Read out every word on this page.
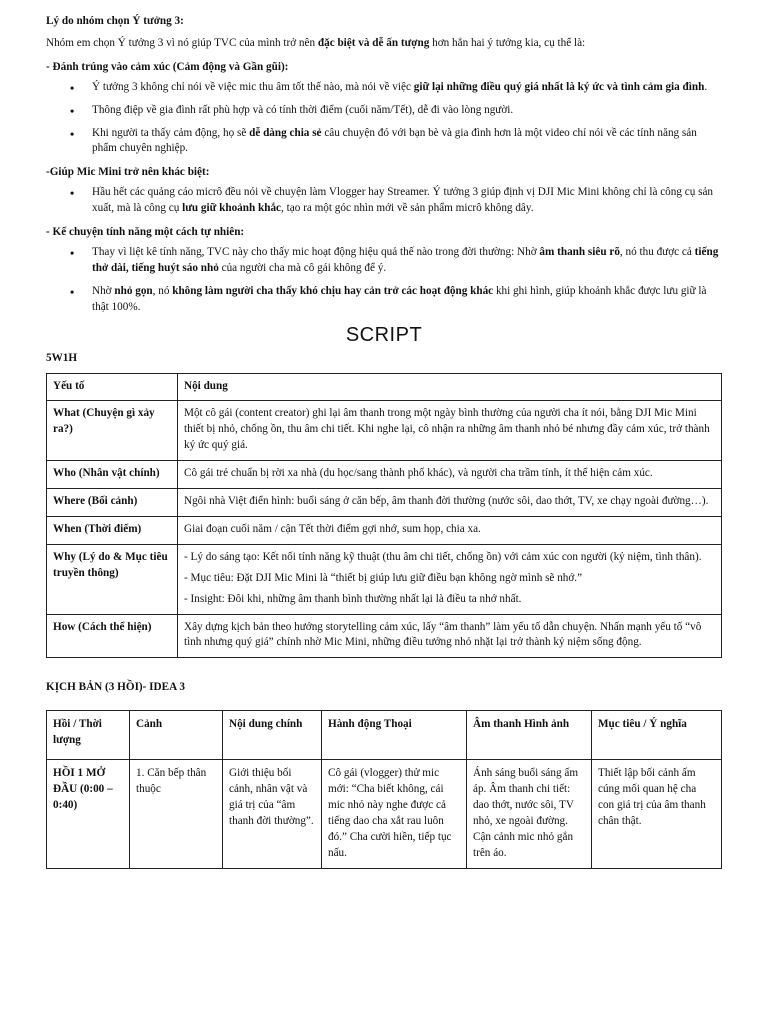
Lý do nhóm chọn Ý tưởng 3:

Nhóm em chọn Ý tưởng 3 vì nó giúp TVC của mình trở nên đặc biệt và dễ ấn tượng hơn hẳn hai ý tưởng kia, cụ thể là:

- Đánh trúng vào cảm xúc (Cảm động và Gần gũi):

• Ý tưởng 3 không chỉ nói về việc mic thu âm tốt thế nào, mà nói về việc giữ lại những điều quý giá nhất là ký ức và tình cảm gia đình.
• Thông điệp về gia đình rất phù hợp và có tính thời điểm (cuối năm/Tết), dễ đi vào lòng người.
• Khi người ta thấy cảm động, họ sẽ dễ dàng chia sẻ câu chuyện đó với bạn bè và gia đình hơn là một video chỉ nói về các tính năng sản phẩm chuyên nghiệp.

-Giúp Mic Mini trở nên khác biệt:

• Hầu hết các quảng cáo micrô đều nói về chuyện làm Vlogger hay Streamer. Ý tưởng 3 giúp định vị DJI Mic Mini không chỉ là công cụ sản xuất, mà là công cụ lưu giữ khoảnh khắc, tạo ra một góc nhìn mới về sản phẩm micrô không dây.

- Kể chuyện tính năng một cách tự nhiên:

• Thay vì liệt kê tính năng, TVC này cho thấy mic hoạt động hiệu quả thế nào trong đời thường: Nhờ âm thanh siêu rõ, nó thu được cả tiếng thở dài, tiếng huýt sáo nhỏ của người cha mà cô gái không để ý.
• Nhờ nhỏ gọn, nó không làm người cha thấy khó chịu hay cản trở các hoạt động khác khi ghi hình, giúp khoảnh khắc được lưu giữ là thật 100%.
SCRIPT

5W1H

Yếu tố	Nội dung
What (Chuyện gì xảy ra?)	Một cô gái (content creator) ghi lại âm thanh trong một ngày bình thường của người cha ít nói, bằng DJI Mic Mini thiết bị nhỏ, chống ồn, thu âm chi tiết. Khi nghe lại, cô nhận ra những âm thanh nhỏ bé nhưng đầy cảm xúc, trở thành ký ức quý giá.
Who (Nhân vật chính)	Cô gái trẻ chuẩn bị rời xa nhà (du học/sang thành phố khác), và người cha trầm tính, ít thể hiện cảm xúc.
Where (Bối cảnh)	Ngôi nhà Việt điển hình: buổi sáng ở căn bếp, âm thanh đời thường (nước sôi, dao thớt, TV, xe chạy ngoài đường…).
When (Thời điểm)	Giai đoạn cuối năm / cận Tết thời điểm gợi nhớ, sum họp, chia xa.
Why (Lý do & Mục tiêu truyền thông)	- Lý do sáng tạo: Kết nối tính năng kỹ thuật (thu âm chi tiết, chống ồn) với cảm xúc con người (kỷ niệm, tình thân).

- Mục tiêu: Đặt DJI Mic Mini là “thiết bị giúp lưu giữ điều bạn không ngờ mình sẽ nhớ.”

- Insight: Đôi khi, những âm thanh bình thường nhất lại là điều ta nhớ nhất.

How (Cách thể hiện)	Xây dựng kịch bản theo hướng storytelling cảm xúc, lấy “âm thanh” làm yếu tố dẫn chuyện. Nhấn mạnh yếu tố “vô tình nhưng quý giá” chính nhờ Mic Mini, những điều tưởng nhỏ nhặt lại trở thành kỷ niệm sống động.

KỊCH BẢN (3 HỒI)- IDEA 3

Hồi / Thời lượng	Cảnh	Nội dung chính	Hành động Thoại	Âm thanh Hình ảnh	Mục tiêu / Ý nghĩa
HỒI 1 MỞ ĐẦU (0:00 – 0:40)	1. Căn bếp thân thuộc	Giới thiệu bối cảnh, nhân vật và giá trị của “âm thanh đời thường”.	Cô gái (vlogger) thử mic mới: “Cha biết không, cái mic nhỏ này nghe được cả tiếng dao cha xắt rau luôn đó.” Cha cười hiền, tiếp tục nấu.	Ánh sáng buổi sáng ấm áp. Âm thanh chi tiết: dao thớt, nước sôi, TV nhỏ, xe ngoài đường. Cận cảnh mic nhỏ gắn trên áo.	Thiết lập bối cảnh ấm cúng mối quan hệ cha con giá trị của âm thanh chân thật.
